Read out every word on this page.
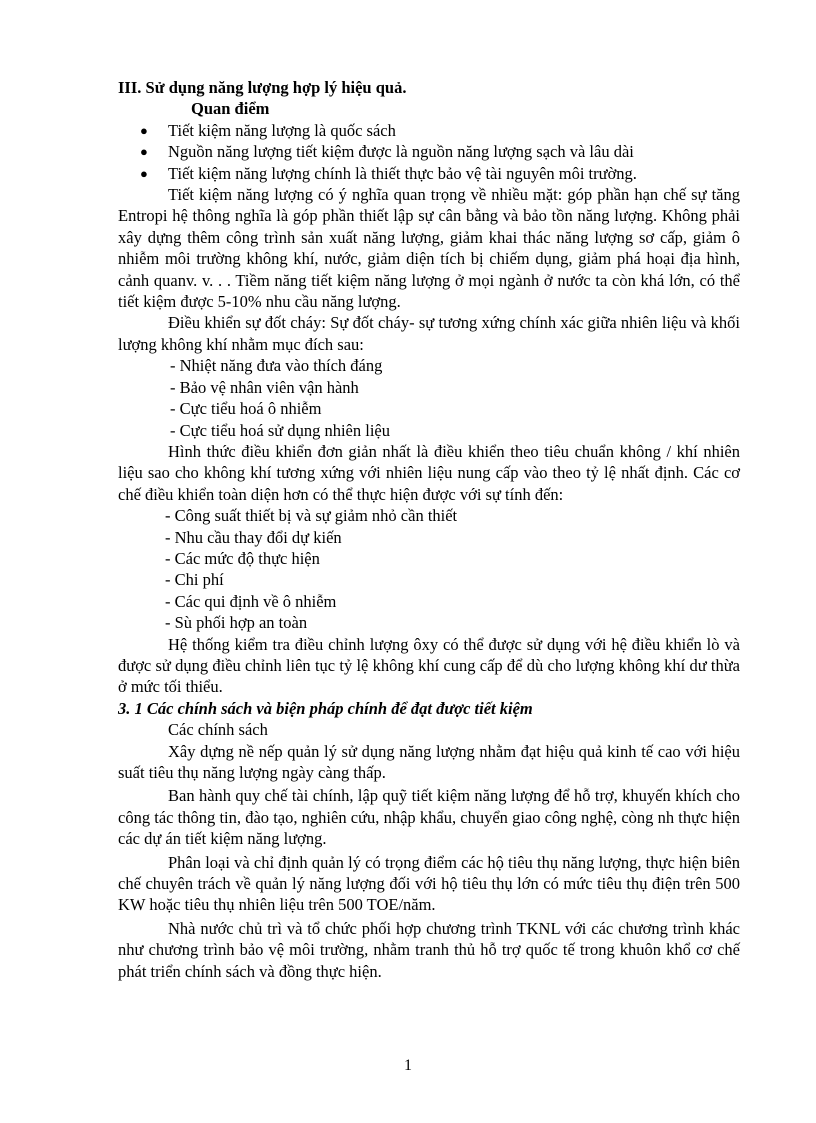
III. Sử dụng năng lượng hợp lý hiệu quả.

Quan điểm

● Tiết kiệm năng lượng là quốc sách
● Nguồn năng lượng tiết kiệm được là nguồn năng lượng sạch và lâu dài
● Tiết kiệm năng lượng chính là thiết thực bảo vệ tài nguyên môi trường.

Tiết kiệm năng lượng có ý nghĩa quan trọng về nhiều mặt: góp phần hạn chế sự tăng Entropi hệ thông nghĩa là góp phần thiết lập sự cân bằng và bảo tồn năng lượng. Không phải xây dựng thêm công trình sản xuất năng lượng, giảm khai thác năng lượng sơ cấp, giảm ô nhiễm môi trường không khí, nước, giảm diện tích bị chiếm dụng, giảm phá hoại địa hình, cảnh quanv. v. . . Tiềm năng tiết kiệm năng lượng ở mọi ngành ở nước ta còn khá lớn, có thể tiết kiệm được 5-10% nhu cầu năng lượng.

Điều khiển sự đốt cháy: Sự đốt cháy- sự tương xứng chính xác giữa nhiên liệu và khối lượng không khí nhằm mục đích sau:

- Nhiệt năng đưa vào thích đáng

- Bảo vệ nhân viên vận hành

- Cực tiểu hoá ô nhiễm

- Cực tiểu hoá sử dụng nhiên liệu

Hình thức điều khiển đơn giản nhất là điều khiển theo tiêu chuẩn không / khí nhiên liệu sao cho không khí tương xứng với nhiên liệu nung cấp vào theo tỷ lệ nhất định. Các cơ chế điều khiển toàn diện hơn có thể thực hiện được với sự tính đến:

- Công suất thiết bị và sự giảm nhỏ cần thiết

- Nhu cầu thay đổi dự kiến

- Các mức độ thực hiện

- Chi phí

- Các qui định về ô nhiễm

- Sù phối hợp an toàn

Hệ thống kiểm tra điều chỉnh lượng ôxy có thể được sử dụng với hệ điều khiển lò và được sử dụng điều chỉnh liên tục tỷ lệ không khí cung cấp để dù cho lượng không khí dư thừa ở mức tối thiểu.

3. 1 Các chính sách và biện pháp chính để đạt được tiết kiệm

Các chính sách

Xây dựng nề nếp quản lý sử dụng năng lượng nhằm đạt hiệu quả kinh tế cao với hiệu suất tiêu thụ năng lượng ngày càng thấp.

Ban hành quy chế tài chính, lập quỹ tiết kiệm năng lượng để hỗ trợ, khuyến khích cho công tác thông tin, đào tạo, nghiên cứu, nhập khẩu, chuyển giao công nghệ, còng nh thực hiện các dự án tiết kiệm năng lượng.

Phân loại và chỉ định quản lý có trọng điểm các hộ tiêu thụ năng lượng, thực hiện biên chế chuyên trách về quản lý năng lượng đối với hộ tiêu thụ lớn có mức tiêu thụ điện trên 500 KW hoặc tiêu thụ nhiên liệu trên 500 TOE/năm.

Nhà nước chủ trì và tổ chức phối hợp chương trình TKNL với các chương trình khác như chương trình bảo vệ môi trường, nhằm tranh thủ hỗ trợ quốc tế trong khuôn khổ cơ chế phát triển chính sách và đồng thực hiện.

1
